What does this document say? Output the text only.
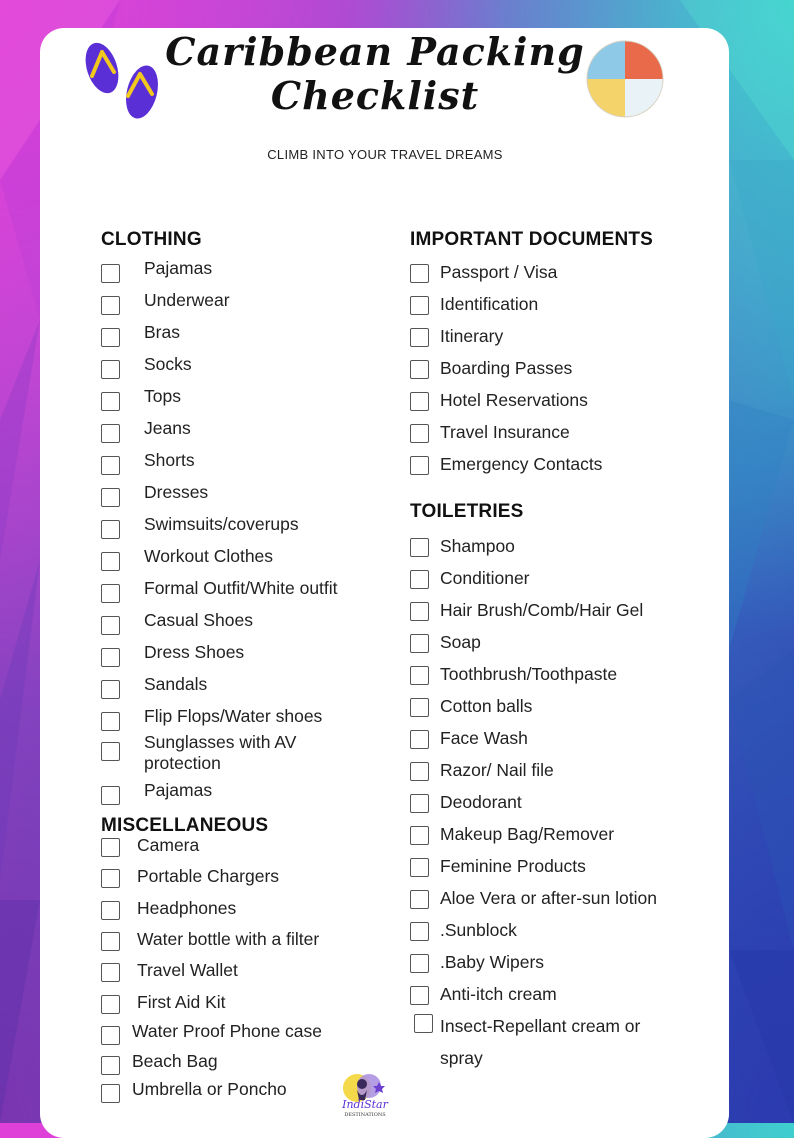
Caribbean Packing
Checklist

CLIMB INTO YOUR TRAVEL DREAMS

CLOTHING
Pajamas
Underwear
Bras
Socks
Tops
Jeans
Shorts
Dresses
Swimsuits/coverups
Workout Clothes
Formal Outfit/White outfit
Casual Shoes
Dress Shoes
Sandals
Flip Flops/Water shoes
Sunglasses with AV
protection
Pajamas
MISCELLANEOUS
Camera
Portable Chargers
Headphones
Water bottle with a filter
Travel Wallet
First Aid Kit
Water Proof Phone case
Beach Bag
Umbrella or Poncho
IMPORTANT DOCUMENTS
Passport / Visa
Identification
Itinerary
Boarding Passes
Hotel Reservations
Travel Insurance
Emergency Contacts
TOILETRIES
Shampoo
Conditioner
Hair Brush/Comb/Hair Gel
Soap
Toothbrush/Toothpaste
Cotton balls
Face Wash
Razor/ Nail file
Deodorant
Makeup Bag/Remover
Feminine Products
Aloe Vera or after-sun lotion
.Sunblock
.Baby Wipers
Anti-itch cream
Insect-Repellant cream or
spray
IndiStar
DESTINATIONS
